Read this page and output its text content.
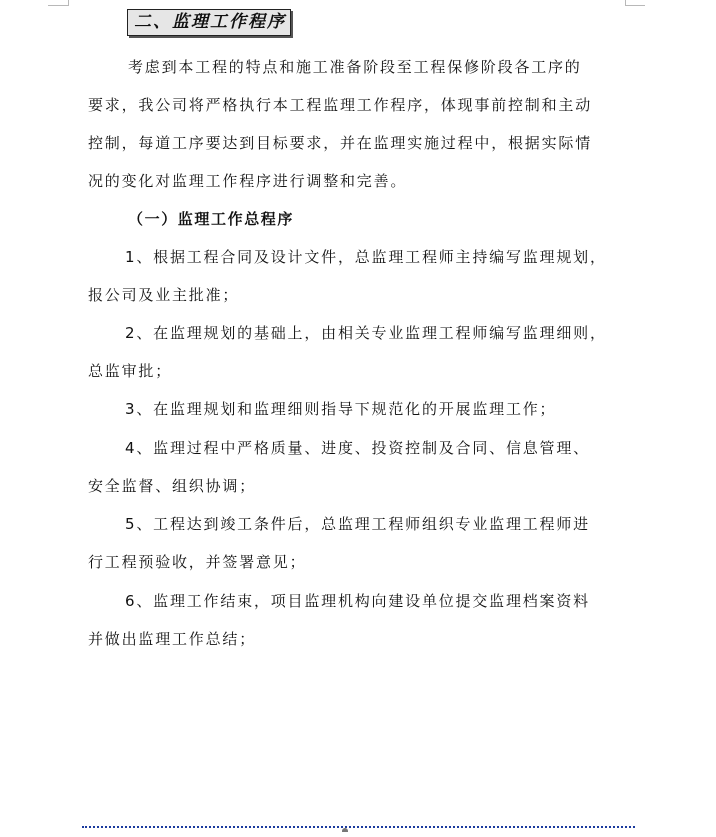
二、监理工作程序
考虑到本工程的特点和施工准备阶段至工程保修阶段各工序的
要求，我公司将严格执行本工程监理工作程序，体现事前控制和主动
控制，每道工序要达到目标要求，并在监理实施过程中，根据实际情
况的变化对监理工作程序进行调整和完善。
（一）监理工作总程序
1、根据工程合同及设计文件，总监理工程师主持编写监理规划，
报公司及业主批准；
2、在监理规划的基础上，由相关专业监理工程师编写监理细则，
总监审批；
3、在监理规划和监理细则指导下规范化的开展监理工作；
4、监理过程中严格质量、进度、投资控制及合同、信息管理、
安全监督、组织协调；
5、工程达到竣工条件后，总监理工程师组织专业监理工程师进
行工程预验收，并签署意见；
6、监理工作结束，项目监理机构向建设单位提交监理档案资料
并做出监理工作总结；
